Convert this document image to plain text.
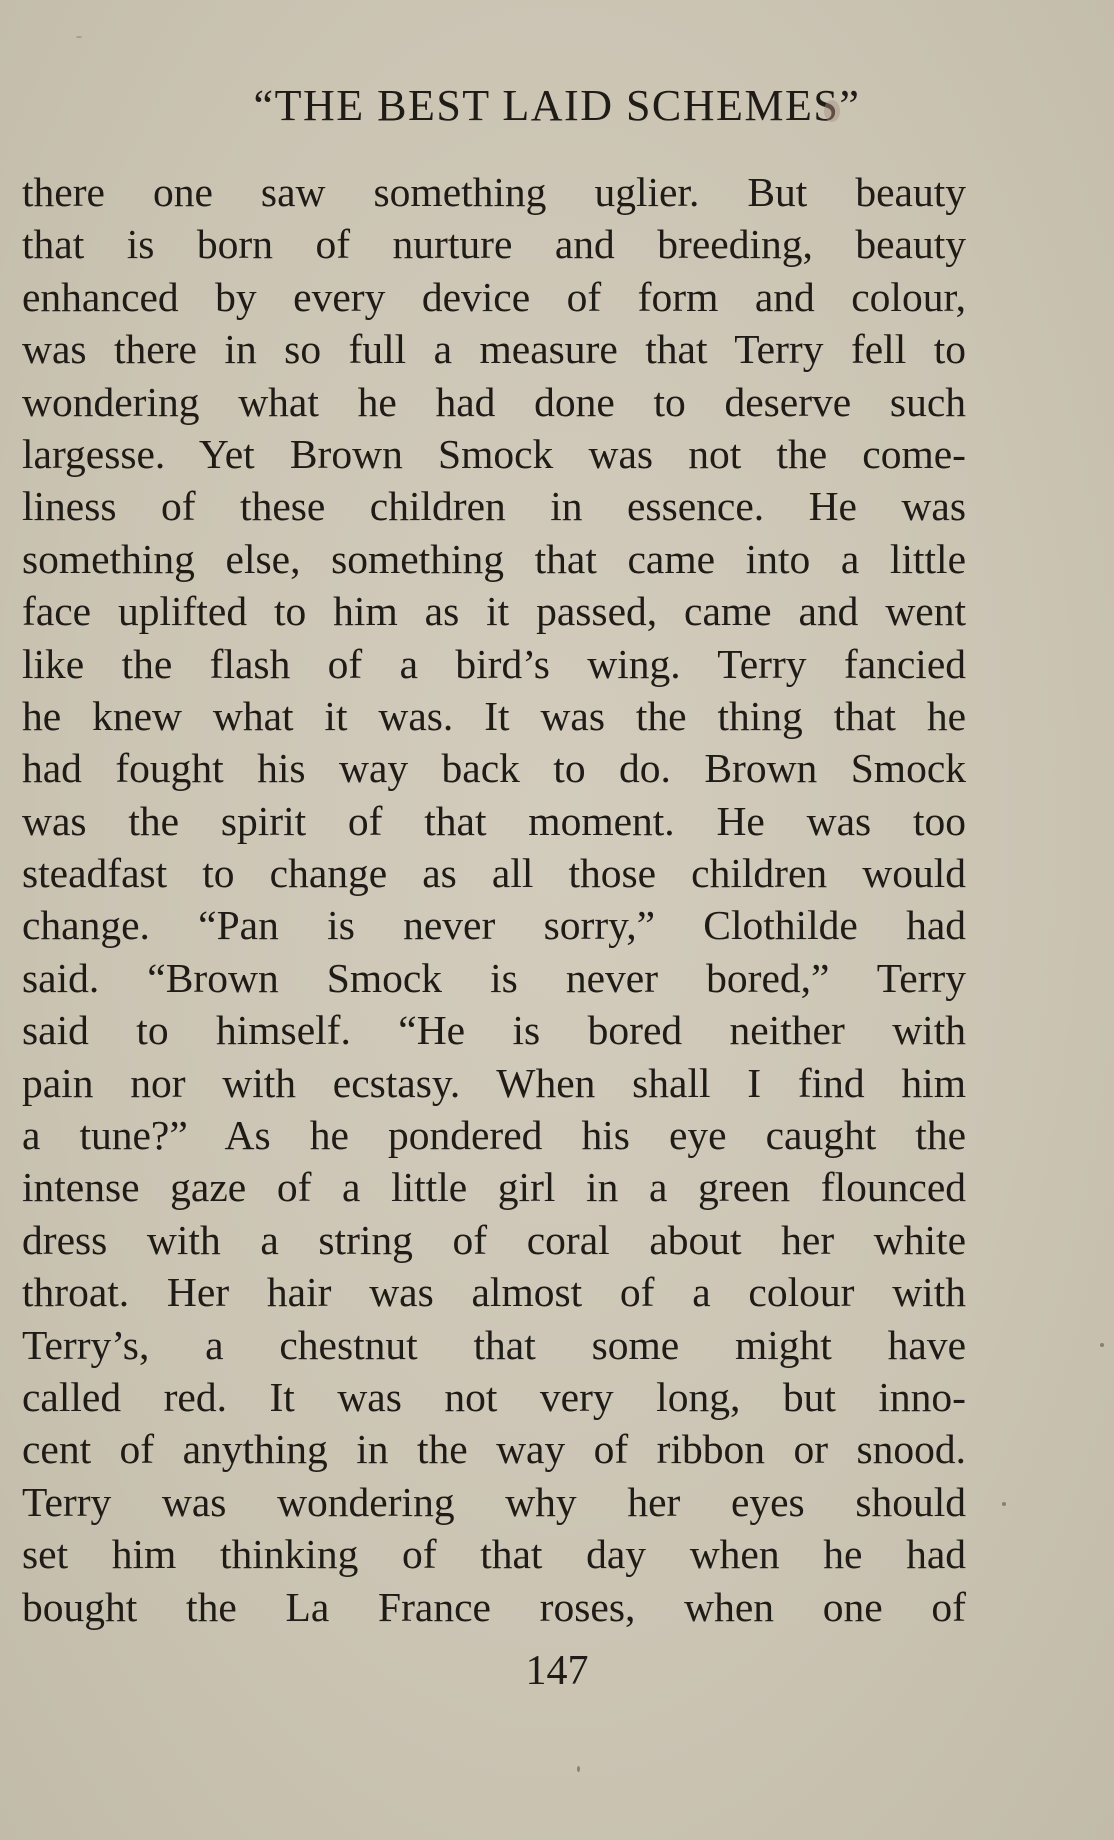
“THE BEST LAID SCHEMES”
there one saw something uglier. But beauty
that is born of nurture and breeding, beauty
enhanced by every device of form and colour,
was there in so full a measure that Terry fell to
wondering what he had done to deserve such
largesse. Yet Brown Smock was not the come-
liness of these children in essence. He was
something else, something that came into a little
face uplifted to him as it passed, came and went
like the flash of a bird’s wing. Terry fancied
he knew what it was. It was the thing that he
had fought his way back to do. Brown Smock
was the spirit of that moment. He was too
steadfast to change as all those children would
change. “Pan is never sorry,” Clothilde had
said. “Brown Smock is never bored,” Terry
said to himself. “He is bored neither with
pain nor with ecstasy. When shall I find him
a tune?” As he pondered his eye caught the
intense gaze of a little girl in a green flounced
dress with a string of coral about her white
throat. Her hair was almost of a colour with
Terry’s, a chestnut that some might have
called red. It was not very long, but inno-
cent of anything in the way of ribbon or snood.
Terry was wondering why her eyes should
set him thinking of that day when he had
bought the La France roses, when one of
147
